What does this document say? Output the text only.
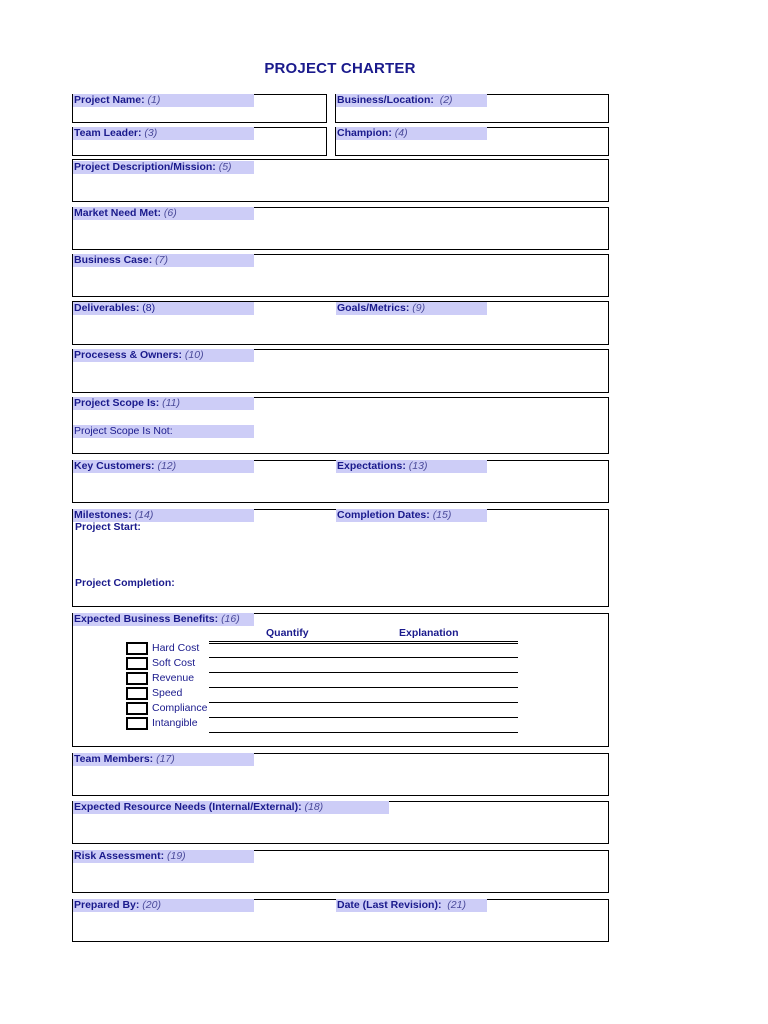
PROJECT CHARTER
Project Name: (1)	Business/Location: (2)
Team Leader: (3)	Champion: (4)
Project Description/Mission: (5)
Market Need Met: (6)
Business Case: (7)
Deliverables: (8)	Goals/Metrics: (9)
Procesess & Owners: (10)
Project Scope Is: (11)
Project Scope Is Not:
Key Customers: (12)	Expectations: (13)
Milestones: (14)	Completion Dates: (15)
Project Start:
Project Completion:
Expected Business Benefits: (16)
Quantify	Explanation
Hard Cost
Soft Cost
Revenue
Speed
Compliance
Intangible
Team Members: (17)
Expected Resource Needs (Internal/External): (18)
Risk Assessment: (19)
Prepared By: (20)	Date (Last Revision): (21)
